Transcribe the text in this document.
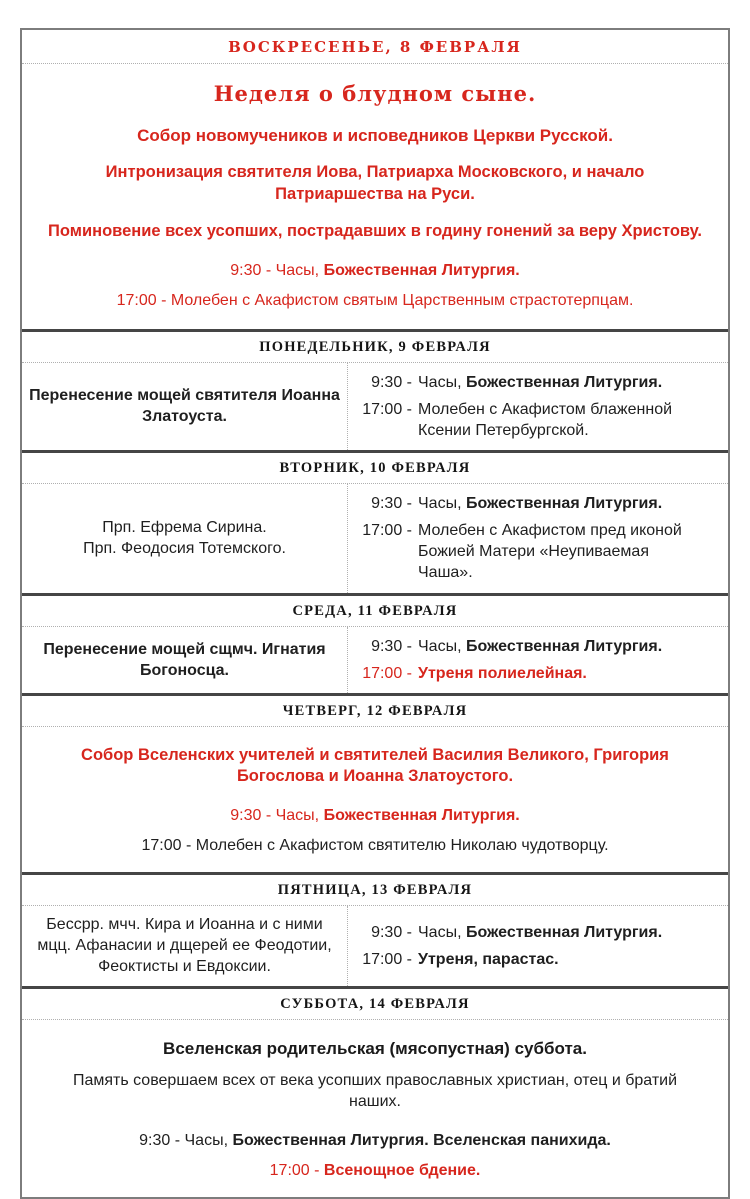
ВОСКРЕСЕНЬЕ, 8 ФЕВРАЛЯ

Неделя о блудном сыне.

Собор новомучеников и исповедников Церкви Русской.

Интронизация святителя Иова, Патриарха Московского, и начало Патриаршества на Руси.

Поминовение всех усопших, пострадавших в годину гонений за веру Христову.

9:30 - Часы, Божественная Литургия.

17:00 - Молебен с Акафистом святым Царственным страстотерпцам.

ПОНЕДЕЛЬНИК, 9 ФЕВРАЛЯ

Перенесение мощей святителя Иоанна Златоуста.

9:30 - Часы, Божественная Литургия.
17:00 - Молебен с Акафистом блаженной Ксении Петербургской.
ВТОРНИК, 10 ФЕВРАЛЯ

Прп. Ефрема Сирина.

Прп. Феодосия Тотемского.

9:30 - Часы, Божественная Литургия.
17:00 - Молебен с Акафистом пред иконой Божией Матери «Неупиваемая Чаша».
СРЕДА, 11 ФЕВРАЛЯ

Перенесение мощей сщмч. Игнатия Богоносца.

9:30 - Часы, Божественная Литургия.
17:00 - Утреня полиелейная.
ЧЕТВЕРГ, 12 ФЕВРАЛЯ

Собор Вселенских учителей и святителей Василия Великого, Григория Богослова и Иоанна Златоустого.

9:30 - Часы, Божественная Литургия.

17:00 - Молебен с Акафистом святителю Николаю чудотворцу.

ПЯТНИЦА, 13 ФЕВРАЛЯ

Бессрр. мчч. Кира и Иоанна и с ними мцц. Афанасии и дщерей ее Феодотии, Феоктисты и Евдоксии.

9:30 - Часы, Божественная Литургия.
17:00 - Утреня, парастас.
СУББОТА, 14 ФЕВРАЛЯ

Вселенская родительская (мясопустная) суббота.

Память совершаем всех от века усопших православных христиан, отец и братий наших.

9:30 - Часы, Божественная Литургия. Вселенская панихида.

17:00 - Всенощное бдение.
